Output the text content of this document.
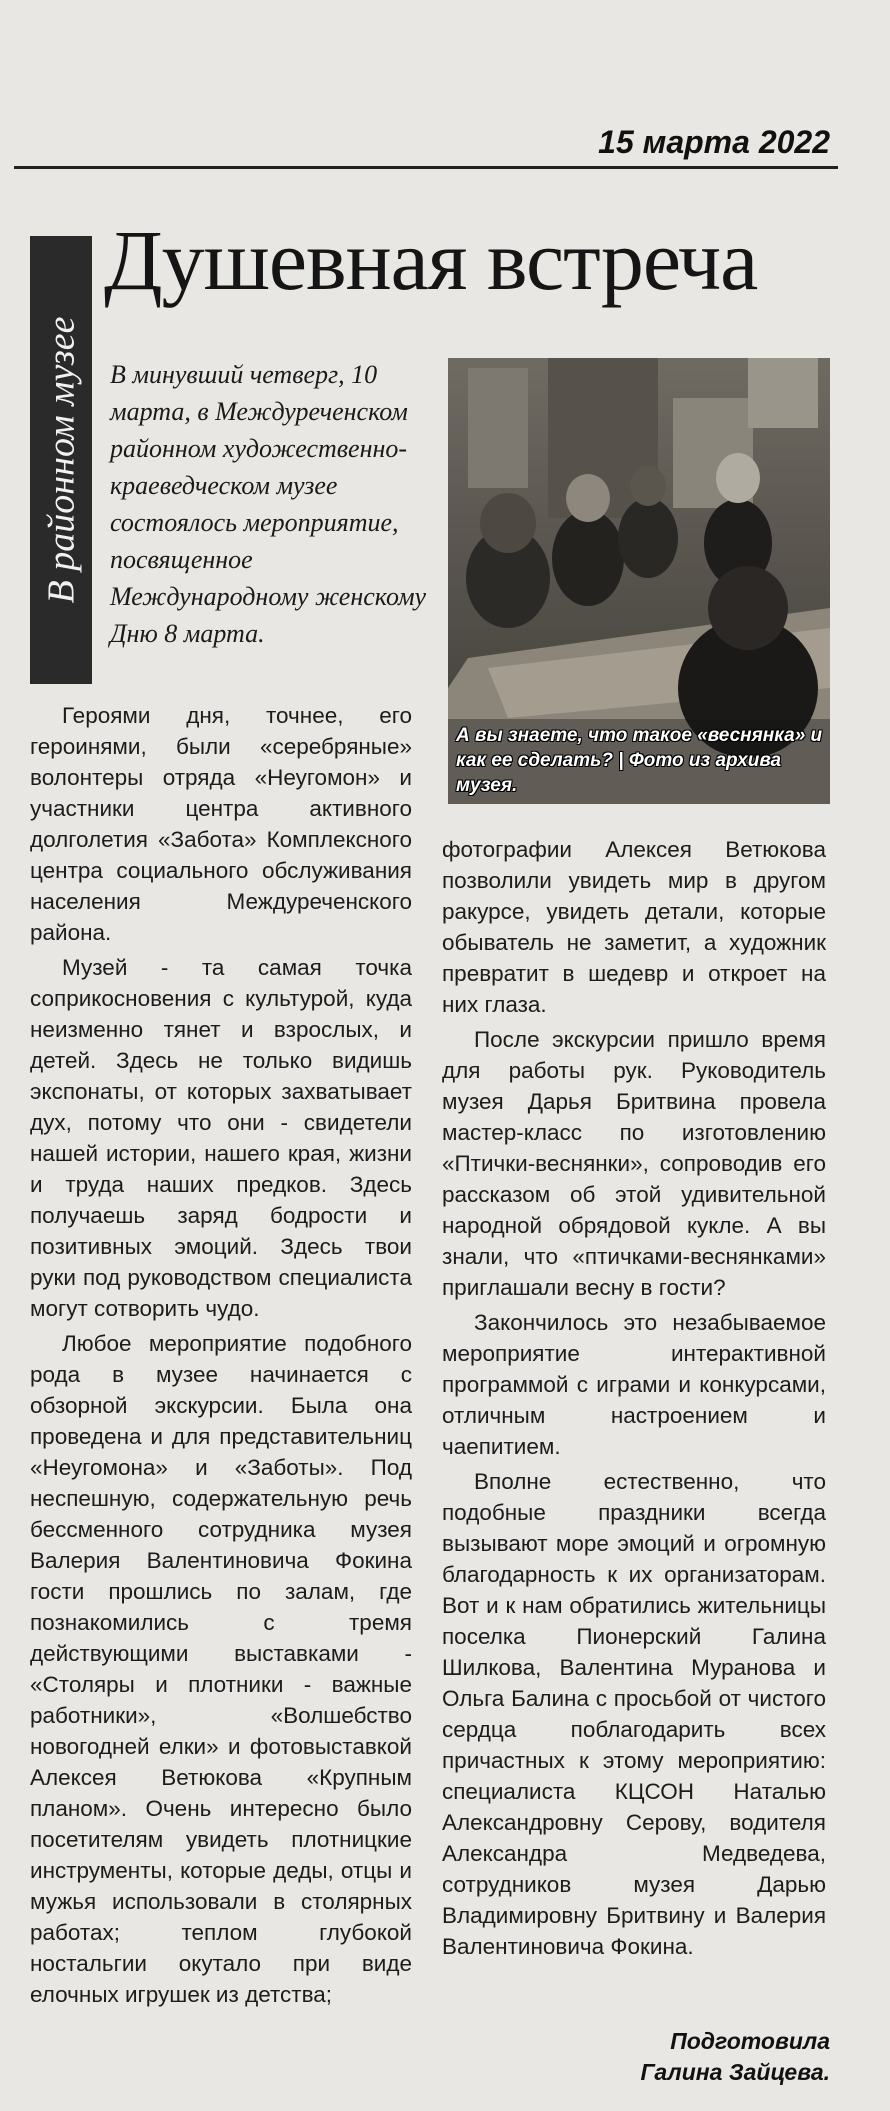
15 марта 2022
В районном музее
Душевная встреча
В минувший четверг, 10 марта, в Междуреченском районном художественно-краеведческом музее состоялось мероприятие, посвященное Международному женскому Дню 8 марта.
А вы знаете, что такое «веснянка» и как ее сделать? | Фото из архива музея.

Героями дня, точнее, его героинями, были «серебряные» волонтеры отряда «Неугомон» и участники центра активного долголетия «Забота» Комплексного центра социального обслуживания населения Междуреченского района.

Музей - та самая точка соприкосновения с культурой, куда неизменно тянет и взрослых, и детей. Здесь не только видишь экспонаты, от которых захватывает дух, потому что они - свидетели нашей истории, нашего края, жизни и труда наших предков. Здесь получаешь заряд бодрости и позитивных эмоций. Здесь твои руки под руководством специалиста могут сотворить чудо.

Любое мероприятие подобного рода в музее начинается с обзорной экскурсии. Была она проведена и для представительниц «Неугомона» и «Заботы». Под неспешную, содержательную речь бессменного сотрудника музея Валерия Валентиновича Фокина гости прошлись по залам, где познакомились с тремя действующими выставками - «Столяры и плотники - важные работники», «Волшебство новогодней елки» и фотовыставкой Алексея Ветюкова «Крупным планом». Очень интересно было посетителям увидеть плотницкие инструменты, которые деды, отцы и мужья использовали в столярных работах; теплом глубокой ностальгии окутало при виде елочных игрушек из детства;

фотографии Алексея Ветюкова позволили увидеть мир в другом ракурсе, увидеть детали, которые обыватель не заметит, а художник превратит в шедевр и откроет на них глаза.

После экскурсии пришло время для работы рук. Руководитель музея Дарья Бритвина провела мастер-класс по изготовлению «Птички-веснянки», сопроводив его рассказом об этой удивительной народной обрядовой кукле. А вы знали, что «птичками-веснянками» приглашали весну в гости?

Закончилось это незабываемое мероприятие интерактивной программой с играми и конкурсами, отличным настроением и чаепитием.

Вполне естественно, что подобные праздники всегда вызывают море эмоций и огромную благодарность к их организаторам. Вот и к нам обратились жительницы поселка Пионерский Галина Шилкова, Валентина Муранова и Ольга Балина с просьбой от чистого сердца поблагодарить всех причастных к этому мероприятию: специалиста КЦСОН Наталью Александровну Серову, водителя Александра Медведева, сотрудников музея Дарью Владимировну Бритвину и Валерия Валентиновича Фокина.

Подготовила
Галина Зайцева.
